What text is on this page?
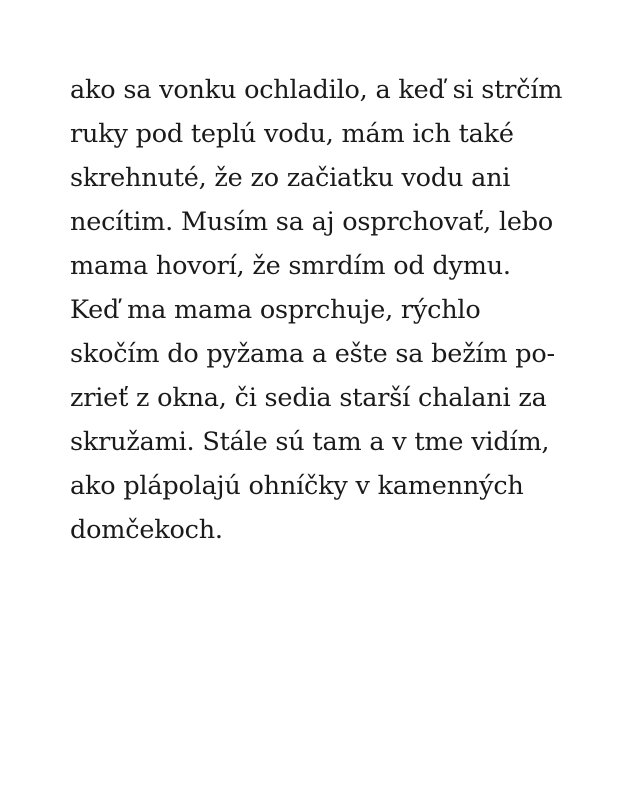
ako sa vonku ochladilo, a keď si strčím
ruky pod teplú vodu, mám ich také
skrehnuté, že zo začiatku vodu ani
necítim. Musím sa aj osprchovať, lebo
mama hovorí, že smrdím od dymu.
Keď ma mama osprchuje, rýchlo
skočím do pyžama a ešte sa bežím po-
zrieť z okna, či sedia starší chalani za
skružami. Stále sú tam a v tme vidím,
ako plápolajú ohníčky v kamenných
domčekoch.
